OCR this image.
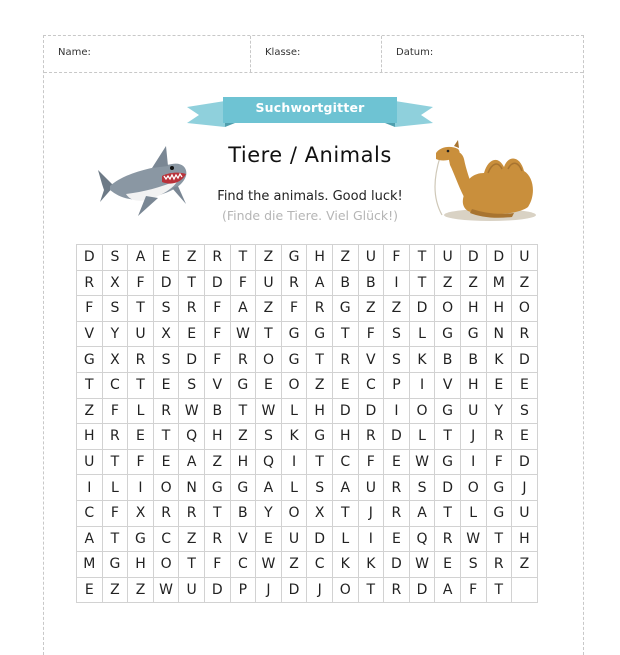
Name:	Klasse:	Datum:
Suchwortgitter
Tiere / Animals
Find the animals. Good luck!
(Finde die Tiere. Viel Glück!)
D	S	A	E	Z	R	T	Z	G	H	Z	U	F	T	U	D	D	U
R	X	F	D	T	D	F	U	R	A	B	B	I	T	Z	Z	M	Z
F	S	T	S	R	F	A	Z	F	R	G	Z	Z	D	O	H	H	O
V	Y	U	X	E	F	W	T	G	G	T	F	S	L	G	G	N	R
G	X	R	S	D	F	R	O	G	T	R	V	S	K	B	B	K	D
T	C	T	E	S	V	G	E	O	Z	E	C	P	I	V	H	E	E
Z	F	L	R	W	B	T	W	L	H	D	D	I	O	G	U	Y	S
H	R	E	T	Q	H	Z	S	K	G	H	R	D	L	T	J	R	E
U	T	F	E	A	Z	H	Q	I	T	C	F	E	W	G	I	F	D
I	L	I	O	N	G	G	A	L	S	A	U	R	S	D	O	G	J
C	F	X	R	R	T	B	Y	O	X	T	J	R	A	T	L	G	U
A	T	G	C	Z	R	V	E	U	D	L	I	E	Q	R	W	T	H
M	G	H	O	T	F	C	W	Z	C	K	K	D	W	E	S	R	Z
E	Z	Z	W	U	D	P	J	D	J	O	T	R	D	A	F	T	
